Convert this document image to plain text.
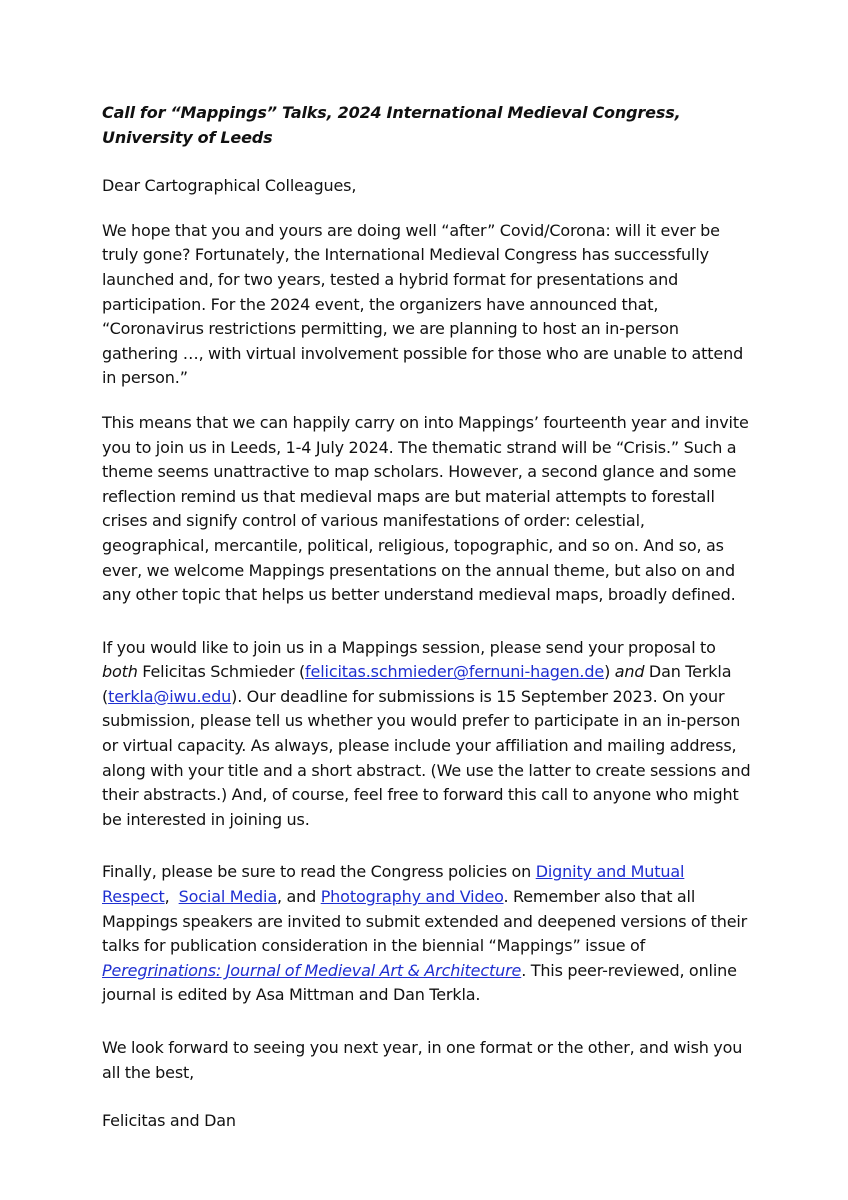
Call for “Mappings” Talks, 2024 International Medieval Congress, University of Leeds

Dear Cartographical Colleagues,

We hope that you and yours are doing well “after” Covid/Corona: will it ever be truly gone? Fortunately, the International Medieval Congress has successfully launched and, for two years, tested a hybrid format for presentations and participation. For the 2024 event, the organizers have announced that, “Coronavirus restrictions permitting, we are planning to host an in-person gathering …, with virtual involvement possible for those who are unable to attend in person.”

This means that we can happily carry on into Mappings’ fourteenth year and invite you to join us in Leeds, 1-4 July 2024. The thematic strand will be “Crisis.” Such a theme seems unattractive to map scholars. However, a second glance and some reflection remind us that medieval maps are but material attempts to forestall crises and signify control of various manifestations of order: celestial, geographical, mercantile, political, religious, topographic, and so on. And so, as ever, we welcome Mappings presentations on the annual theme, but also on and any other topic that helps us better understand medieval maps, broadly defined.

If you would like to join us in a Mappings session, please send your proposal to both Felicitas Schmieder (felicitas.schmieder@fernuni-hagen.de) and Dan Terkla (terkla@iwu.edu). Our deadline for submissions is 15 September 2023. On your submission, please tell us whether you would prefer to participate in an in-person or virtual capacity. As always, please include your affiliation and mailing address, along with your title and a short abstract. (We use the latter to create sessions and their abstracts.) And, of course, feel free to forward this call to anyone who might be interested in joining us.

Finally, please be sure to read the Congress policies on Dignity and Mutual Respect,  Social Media, and Photography and Video. Remember also that all Mappings speakers are invited to submit extended and deepened versions of their talks for publication consideration in the biennial “Mappings” issue of Peregrinations: Journal of Medieval Art & Architecture. This peer-reviewed, online journal is edited by Asa Mittman and Dan Terkla.

We look forward to seeing you next year, in one format or the other, and wish you all the best,

Felicitas and Dan
